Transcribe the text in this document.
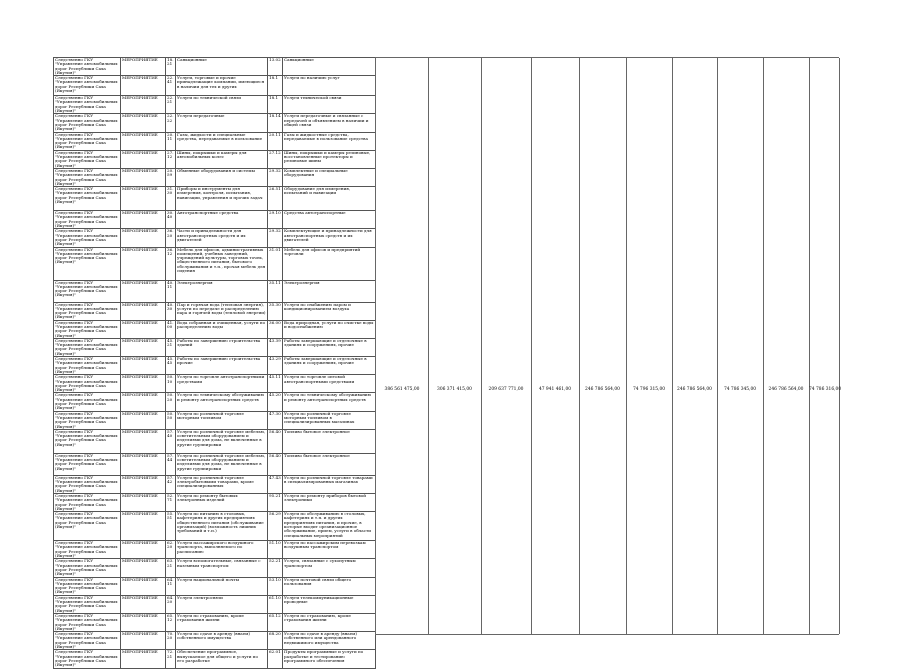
Следственно ГКУ "Управление автомобильных дорог Республики Саха (Якутия)"	МЕРОПРИЯТИЕ	18.21	Санкционные	13.02	Санкционные
Следственно ГКУ "Управление автомобильных дорог Республики Саха (Якутия)"	МЕРОПРИЯТИЕ	22.41	Услуги, торговые и прочие принадлежащие компании, имеющиеся в наличии для тех и других	18.1	Услуги по наличию услуг
Следственно ГКУ "Управление автомобильных дорог Республики Саха (Якутия)"	МЕРОПРИЯТИЕ	22.21	Услуги по технической связи	18.1	Услуги технической связи
Следственно ГКУ "Управление автомобильных дорог Республики Саха (Якутия)"	МЕРОПРИЯТИЕ	22.22	Услуги передаточные	18.14	Услуги передаточные и связанные с передачей и объявлением в наличии и общей связи
Следственно ГКУ "Управление автомобильных дорог Республики Саха (Якутия)"	МЕРОПРИЯТИЕ	20.11	Газы, жидкости и специальные средства, передаваемые в пользование	20.11	Газы и жидкостные средства, передаваемые в пользование средства
Следственно ГКУ "Управление автомобильных дорог Республики Саха (Якутия)"	МЕРОПРИЯТИЕ	27.12	Шины, покрышки и камеры для автомобильных колес	27.12	Шины, покрышки и камеры резиновые, восстановленные протекторы и резиновые шины
Следственно ГКУ "Управление автомобильных дорог Республики Саха (Якутия)"	МЕРОПРИЯТИЕ	20.59	Обменные оборудования и системы	29.32	Комплектные и специальные оборудования
Следственно ГКУ "Управление автомобильных дорог Республики Саха (Якутия)"	МЕРОПРИЯТИЕ	31.30	Приборы и инструменты для измерения, контроля, испытания, навигации, управления и прочих задач	26.51	Оборудование для измерения, испытаний и навигации
Следственно ГКУ "Управление автомобильных дорог Республики Саха (Якутия)"	МЕРОПРИЯТИЕ	30.40	Автотранспортные средства	29.10	Средства автотранспортные
Следственно ГКУ "Управление автомобильных дорог Республики Саха (Якутия)"	МЕРОПРИЯТИЕ	36.20	Части и принадлежности для автотранспортных средств и их двигателей	29.32	Комплектующие и принадлежности для автотранспортных средств и их двигателей
Следственно ГКУ "Управление автомобильных дорог Республики Саха (Якутия)"	МЕРОПРИЯТИЕ	36.12	Мебель для офисов, административных помещений, учебных заведений, учреждений культуры, торговых точек, общественного питания, бытового обслуживания и т.п., прочая мебель для сидения	31.01	Мебель для офисов и предприятий торговли
Следственно ГКУ "Управление автомобильных дорог Республики Саха (Якутия)"	МЕРОПРИЯТИЕ	40.11	Электроэнергия	35.11	Электроэнергия
Следственно ГКУ "Управление автомобильных дорог Республики Саха (Якутия)"	МЕРОПРИЯТИЕ	40.30	Пар и горячая вода (тепловая энергия), услуги по передаче и распределению пара и горячей воды (тепловой энергии)	35.30	Услуги по снабжению паром и кондиционированием воздуха
Следственно ГКУ "Управление автомобильных дорог Республики Саха (Якутия)"	МЕРОПРИЯТИЕ	41.00	Вода собранная и очищенная, услуги по распределению воды	36.00	Вода природная, услуги по очистке воды и водоснабжению
Следственно ГКУ "Управление автомобильных дорог Республики Саха (Якутия)"	МЕРОПРИЯТИЕ	45.21	Работы по завершению строительства зданий	43.39	Работы завершающие и отделочные в зданиях и сооружениях, прочие
Следственно ГКУ "Управление автомобильных дорог Республики Саха (Якутия)"	МЕРОПРИЯТИЕ	45.45	Работы по завершению строительства прочие	43.29	Работы завершающие и отделочные в зданиях и сооружениях, прочие
Следственно ГКУ "Управление автомобильных дорог Республики Саха (Якутия)"	МЕРОПРИЯТИЕ	50.10	Услуги по торговле автотранспортными средствами	45.11	Услуги по торговле оптовой автотранспортными средствами
Следственно ГКУ "Управление автомобильных дорог Республики Саха (Якутия)"	МЕРОПРИЯТИЕ	50.20	Услуги по техническому обслуживанию и ремонту автотранспортных средств	45.20	Услуги по техническому обслуживанию и ремонту автотранспортных средств
Следственно ГКУ "Управление автомобильных дорог Республики Саха (Якутия)"	МЕРОПРИЯТИЕ	50.50	Услуги по розничной торговле моторным топливом	47.30	Услуги по розничной торговле моторным топливом в специализированных магазинах
Следственно ГКУ "Управление автомобильных дорог Республики Саха (Якутия)"	МЕРОПРИЯТИЕ	57.40	Услуги по розничной торговле мебелью, осветительным оборудованием и изделиями для дома, не включенные в другие группировки	56.40	Топливо бытовое электронное
Следственно ГКУ "Управление автомобильных дорог Республики Саха (Якутия)"	МЕРОПРИЯТИЕ	57.44	Услуги по розничной торговле мебелью, осветительным оборудованием и изделиями для дома, не включенные в другие группировки	56.40	Топливо бытовое электронное
Следственно ГКУ "Управление автомобильных дорог Республики Саха (Якутия)"	МЕРОПРИЯТИЕ	57.42	Услуги по розничной торговле электробытовыми товарами, кроме специализированных	47.43	Услуги по розничной торговле товарами в специализированных магазинах
Следственно ГКУ "Управление автомобильных дорог Республики Саха (Якутия)"	МЕРОПРИЯТИЕ	52.71	Услуги по ремонту бытовых электронных изделий	95.21	Услуги по ремонту приборов бытовой электроники
Следственно ГКУ "Управление автомобильных дорог Республики Саха (Якутия)"	МЕРОПРИЯТИЕ	55.51	Услуги по питанию в столовых, кафетериях и других предприятиях общественного питания (обслуживание организаций) (возможность лишних требований и т.п.)	56.29	Услуги по обслуживанию в столовых, кафетериях и т.п. и других предприятиях питания, и прочие, в которые входит организационное обслуживание, прием, услуги в области специальных мероприятий
Следственно ГКУ "Управление автомобильных дорог Республики Саха (Якутия)"	МЕРОПРИЯТИЕ	62.20	Услуги пассажирского воздушного транспорта, выполняемого по расписанию	51.10	Услуги по пассажирским перевозкам воздушным транспортом
Следственно ГКУ "Управление автомобильных дорог Республики Саха (Якутия)"	МЕРОПРИЯТИЕ	63.21	Услуги вспомогательные, связанные с наземным транспортом	52.21	Услуги, связанные с сухопутным транспортом
Следственно ГКУ "Управление автомобильных дорог Республики Саха (Якутия)"	МЕРОПРИЯТИЕ	64.11	Услуги национальной почты	53.10	Услуги почтовой связи общего пользования
Следственно ГКУ "Управление автомобильных дорог Республики Саха (Якутия)"	МЕРОПРИЯТИЕ	64.20	Услуги электросвязи	61.10	Услуги телекоммуникационные проводные
Следственно ГКУ "Управление автомобильных дорог Республики Саха (Якутия)"	МЕРОПРИЯТИЕ	65.12	Услуги по страхованию, кроме страхования жизни	65.12	Услуги по страхованию, кроме страхования жизни
Следственно ГКУ "Управление автомобильных дорог Республики Саха (Якутия)"	МЕРОПРИЯТИЕ	70.20	Услуги по сдаче в аренду (внаем) собственного имущества	68.20	Услуги по сдаче в аренду (внаем) собственного или арендованного недвижимого имущества
Следственно ГКУ "Управление автомобильных дорог Республики Саха (Якутия)"	МЕРОПРИЯТИЕ	72.21	Обеспечение программное, выпускаемое для общего и услуги по его разработке	62.01	Продукты программные и услуги по разработке и тестированию программного обеспечения
386 561 475,00	306 371 415,00	209 637 771,00	47 941 461,00	246 786 564,00	74 796 315,00	246 786 564,00	74 786 345,00	246 786 564,00	74 786 316,00
